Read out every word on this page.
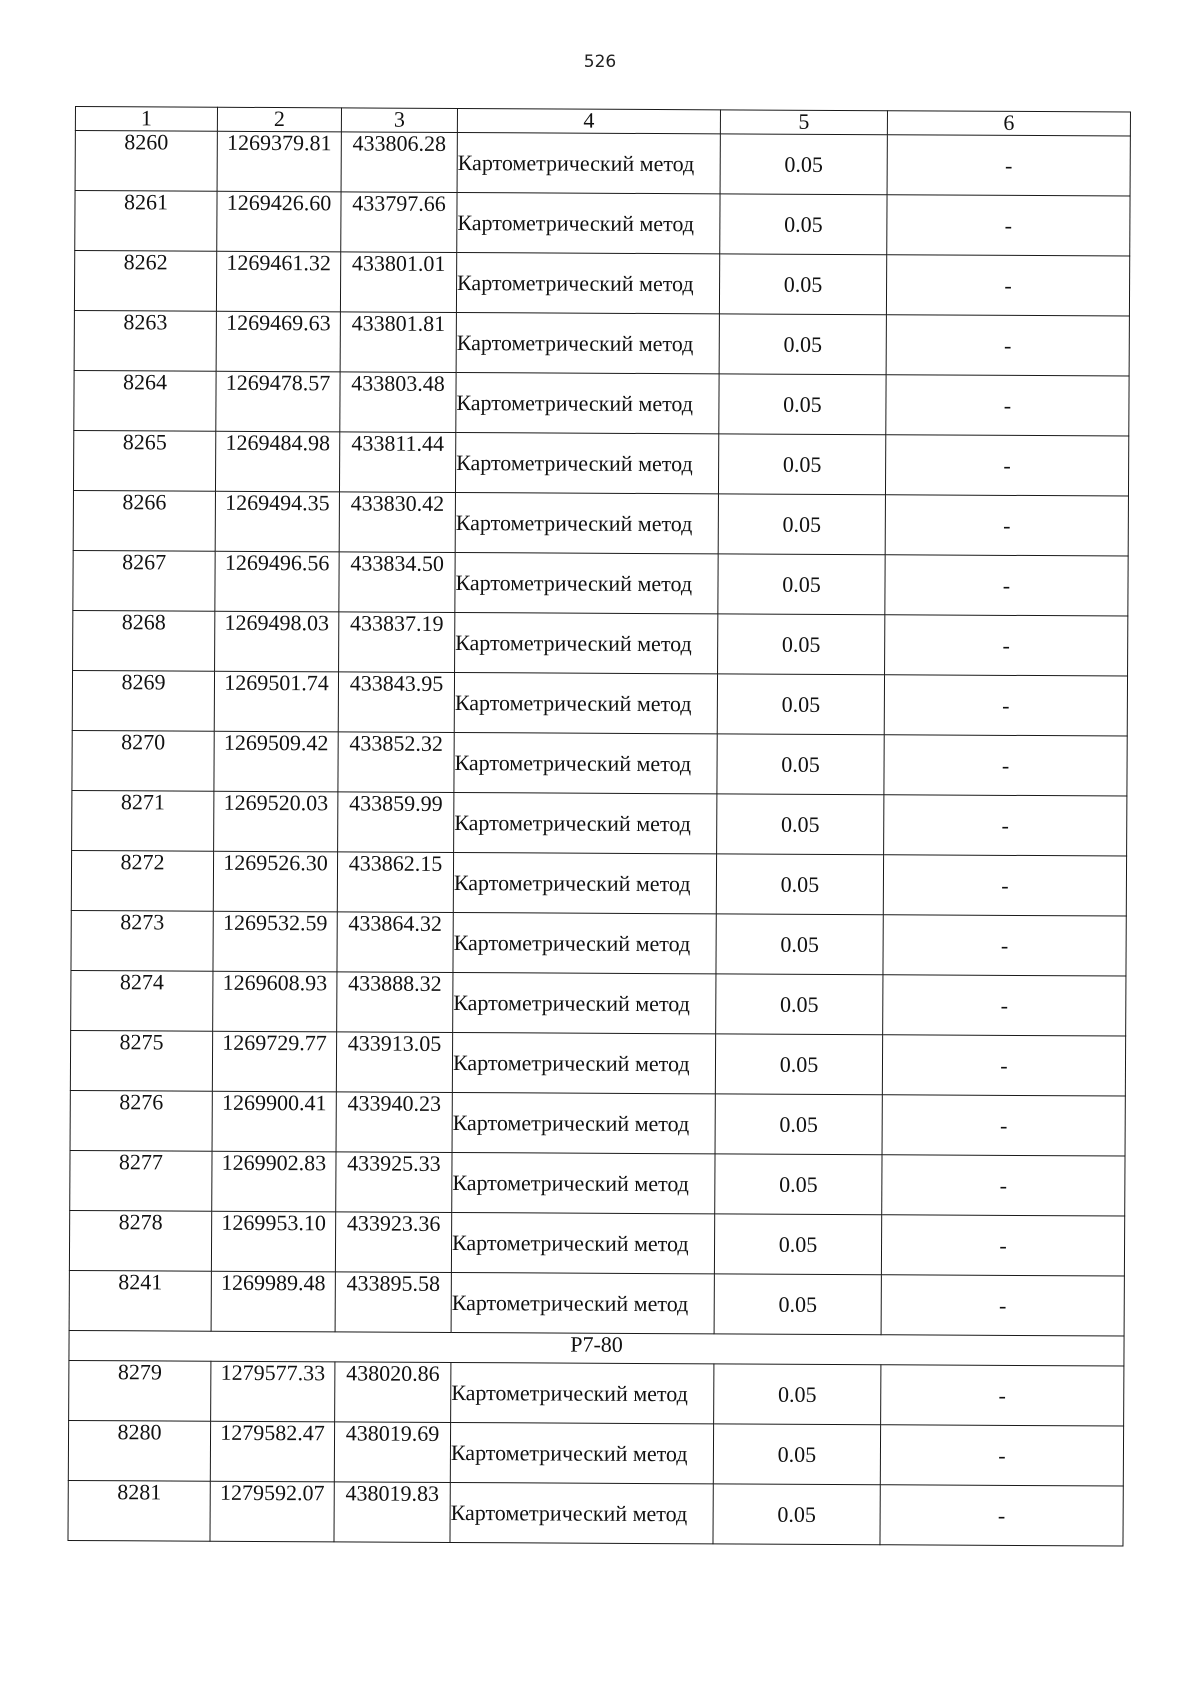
526
1	2	3	4	5	6
8260	1269379.81	433806.28	Картометрический метод	0.05	-
8261	1269426.60	433797.66	Картометрический метод	0.05	-
8262	1269461.32	433801.01	Картометрический метод	0.05	-
8263	1269469.63	433801.81	Картометрический метод	0.05	-
8264	1269478.57	433803.48	Картометрический метод	0.05	-
8265	1269484.98	433811.44	Картометрический метод	0.05	-
8266	1269494.35	433830.42	Картометрический метод	0.05	-
8267	1269496.56	433834.50	Картометрический метод	0.05	-
8268	1269498.03	433837.19	Картометрический метод	0.05	-
8269	1269501.74	433843.95	Картометрический метод	0.05	-
8270	1269509.42	433852.32	Картометрический метод	0.05	-
8271	1269520.03	433859.99	Картометрический метод	0.05	-
8272	1269526.30	433862.15	Картометрический метод	0.05	-
8273	1269532.59	433864.32	Картометрический метод	0.05	-
8274	1269608.93	433888.32	Картометрический метод	0.05	-
8275	1269729.77	433913.05	Картометрический метод	0.05	-
8276	1269900.41	433940.23	Картометрический метод	0.05	-
8277	1269902.83	433925.33	Картометрический метод	0.05	-
8278	1269953.10	433923.36	Картометрический метод	0.05	-
8241	1269989.48	433895.58	Картометрический метод	0.05	-
Р7-80					
8279	1279577.33	438020.86	Картометрический метод	0.05	-
8280	1279582.47	438019.69	Картометрический метод	0.05	-
8281	1279592.07	438019.83	Картометрический метод	0.05	-
